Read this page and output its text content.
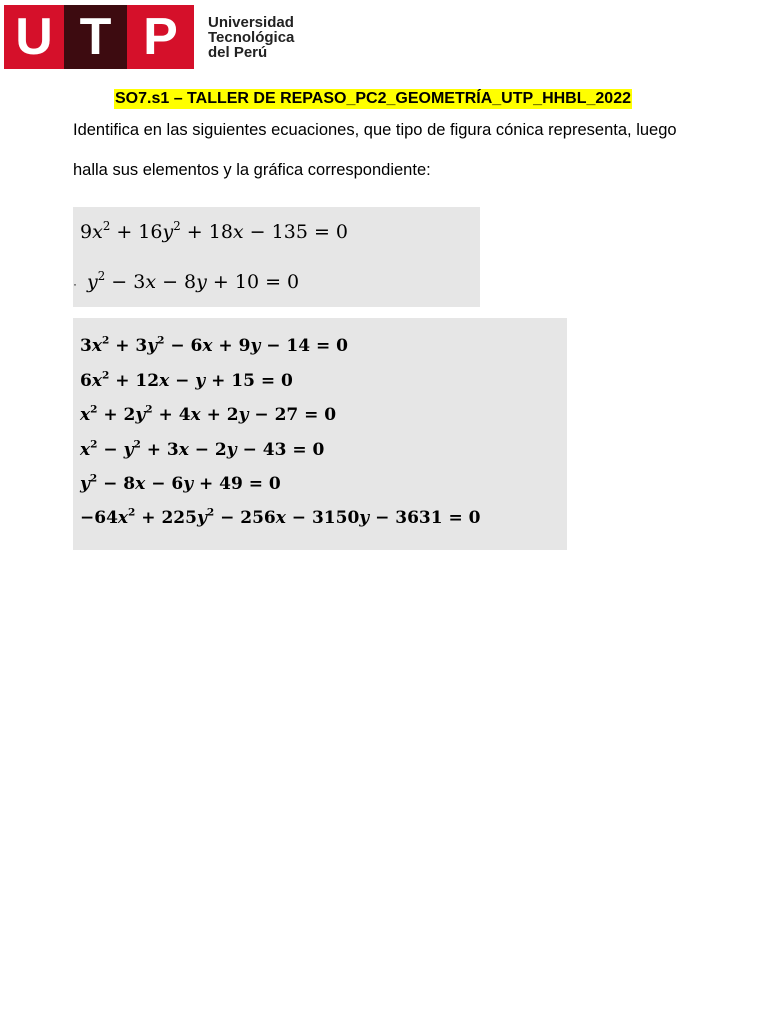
U T P	Universidad
Tecnológica
del Perú
SO7.s1 – TALLER DE REPASO_PC2_GEOMETRÍA_UTP_HHBL_2022
Identifica en las siguientes ecuaciones, que tipo de figura cónica representa, luego
halla sus elementos y la gráfica correspondiente:
$9x^2 + 16y^2 + 18x - 135 = 0$
· $y^2 - 3x - 8y + 10 = 0$
$3x^2 + 3y^2 - 6x + 9y - 14 = 0$
$6x^2 + 12x - y + 15 = 0$
$x^2 + 2y^2 + 4x + 2y - 27 = 0$
$x^2 - y^2 + 3x - 2y - 43 = 0$
$y^2 - 8x - 6y + 49 = 0$
$-64x^2 + 225y^2 - 256x - 3150y - 3631 = 0$
